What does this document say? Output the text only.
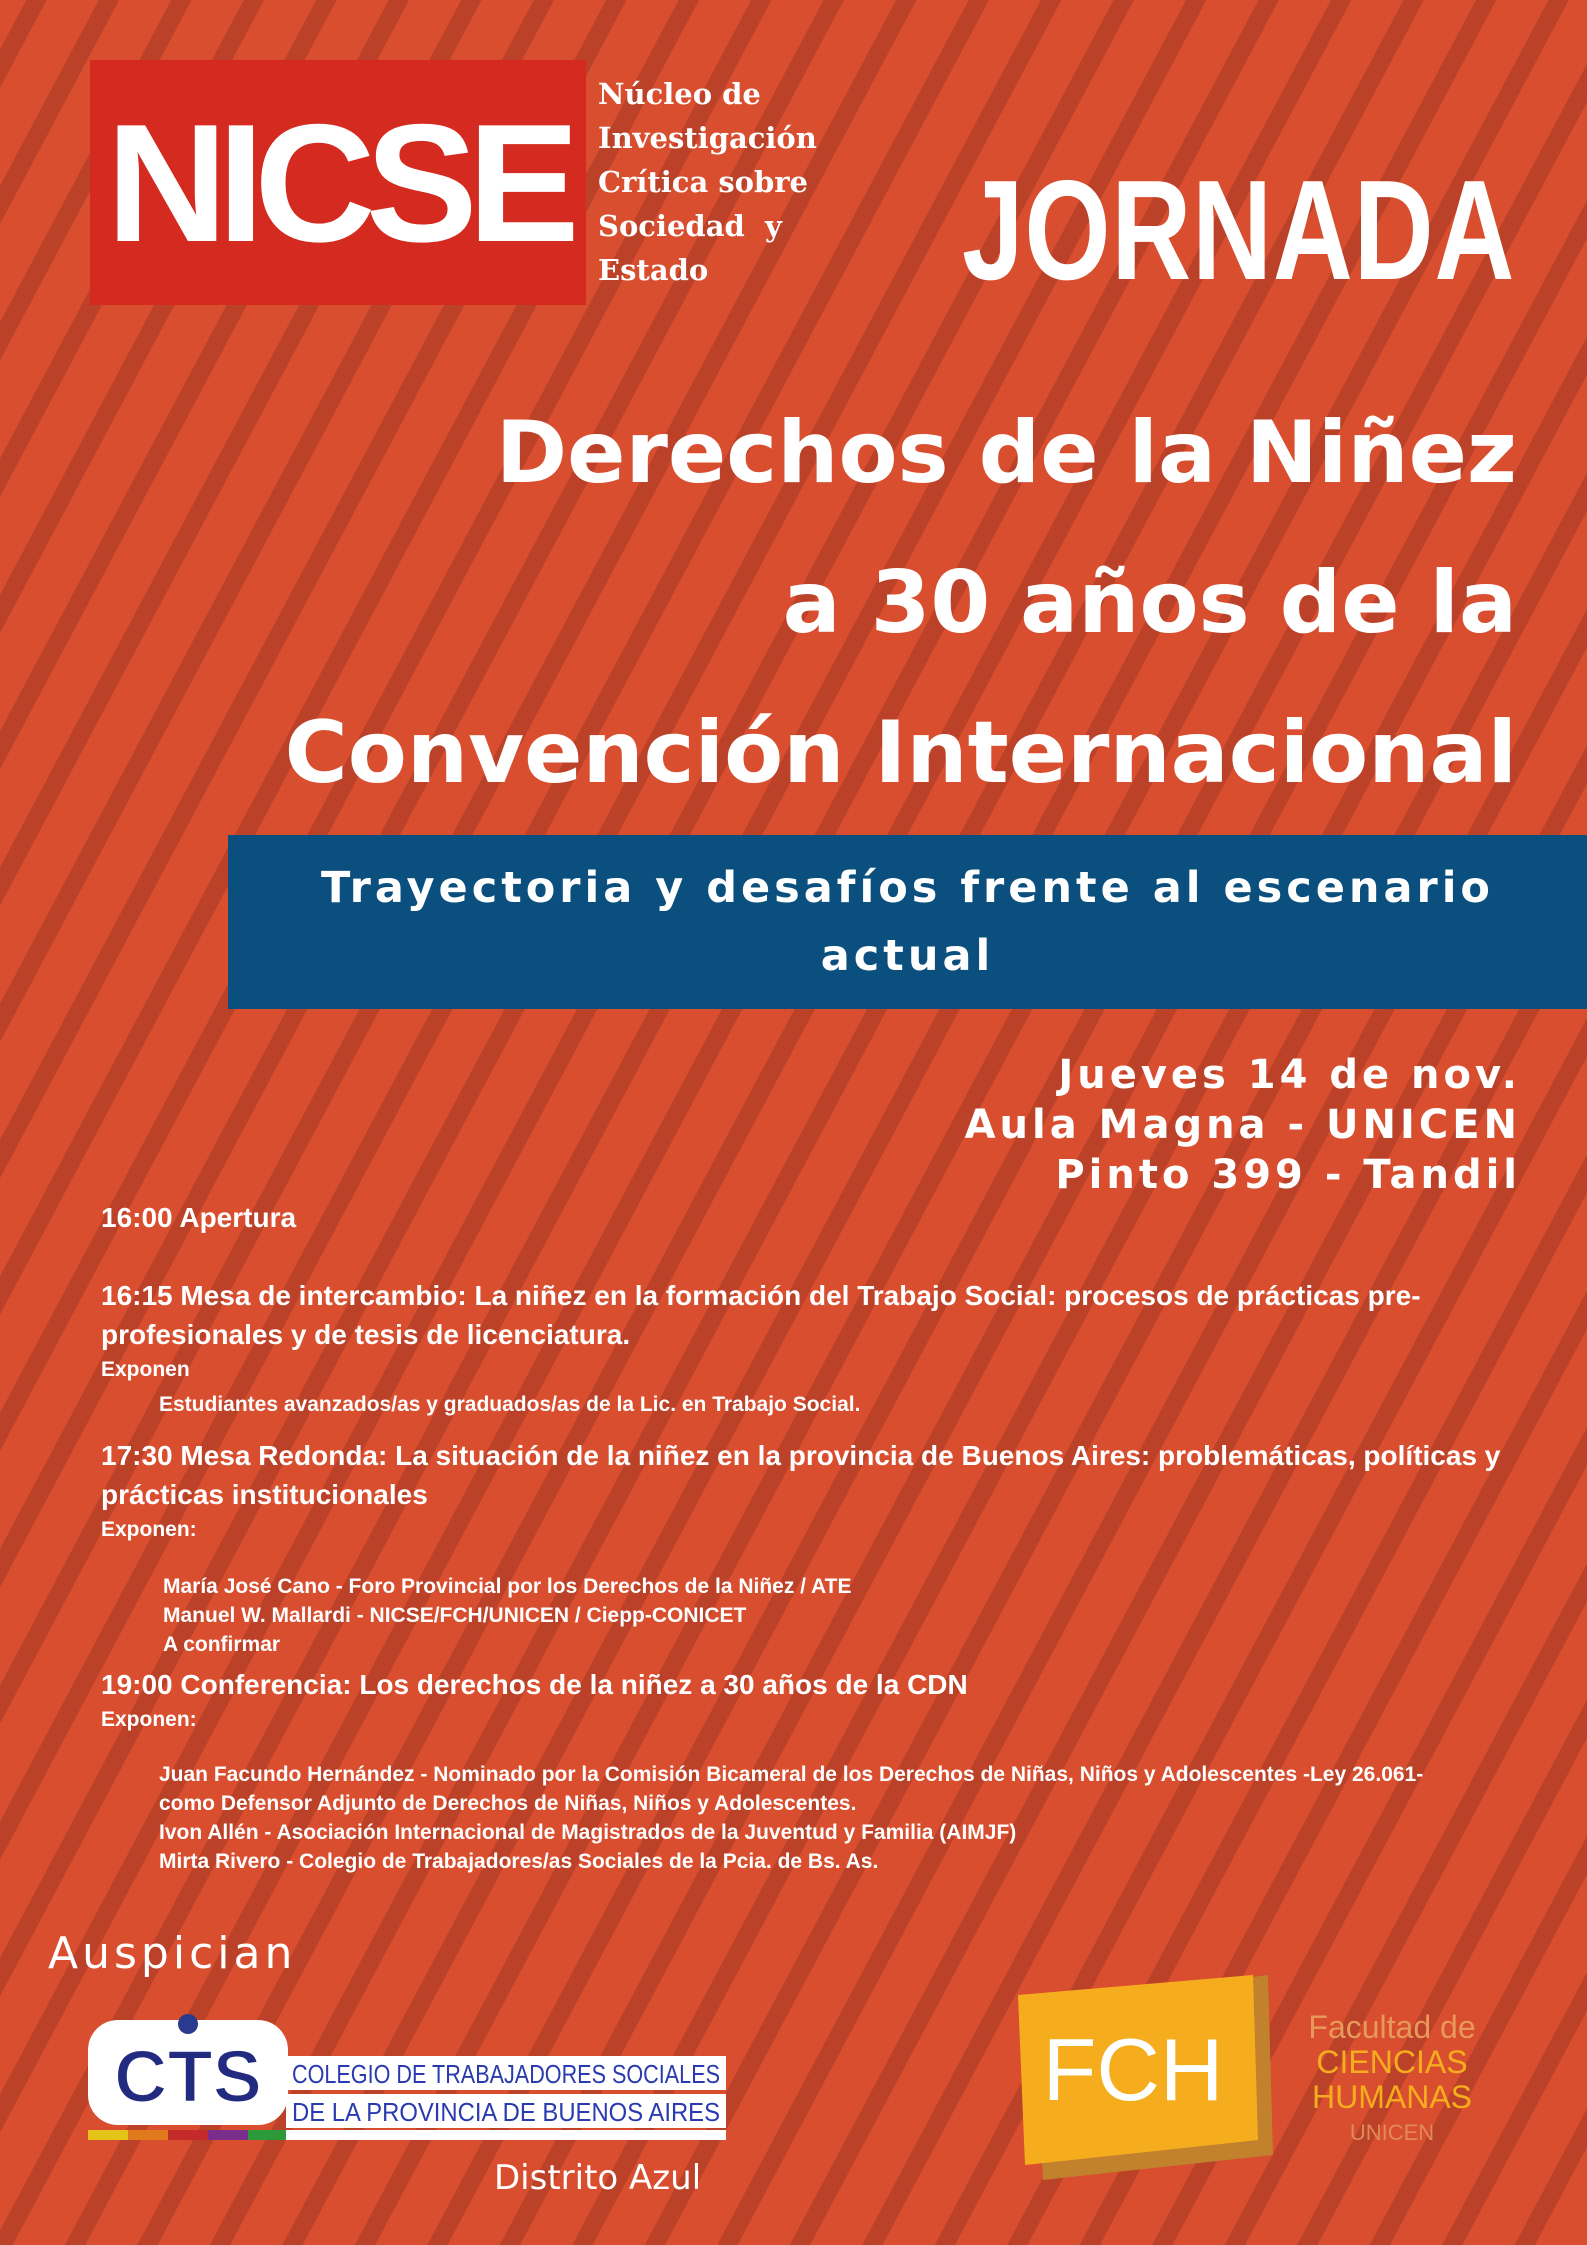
NICSE Núcleo de
Investigación
Crítica sobre
Sociedad  y
Estado	JORNADA
Derechos de la Niñez
a 30 años de la
Convención Internacional
Trayectoria y desafíos frente al escenario actual
Jueves 14 de nov.
Aula Magna - UNICEN
Pinto 399 - Tandil
16:00 Apertura
16:15 Mesa de intercambio: La niñez en la formación del Trabajo Social: procesos de prácticas pre-profesionales y de tesis de licenciatura.
Exponen
Estudiantes avanzados/as y graduados/as de la Lic. en Trabajo Social.
17:30 Mesa Redonda: La situación de la niñez en la provincia de Buenos Aires: problemáticas, políticas y prácticas institucionales
Exponen:
María José Cano - Foro Provincial por los Derechos de la Niñez / ATE
Manuel W. Mallardi - NICSE/FCH/UNICEN / Ciepp-CONICET
A confirmar
19:00 Conferencia: Los derechos de la niñez a 30 años de la CDN
Exponen:
Juan Facundo Hernández - Nominado por la Comisión Bicameral de los Derechos de Niñas, Niños y Adolescentes -Ley 26.061-
como Defensor Adjunto de Derechos de Niñas, Niños y Adolescentes.
Ivon Allén - Asociación Internacional de Magistrados de la Juventud y Familia (AIMJF)
Mirta Rivero - Colegio de Trabajadores/as Sociales de la Pcia. de Bs. As.
Auspician
CTS COLEGIO DE TRABAJADORES SOCIALES
DE LA PROVINCIA DE BUENOS AIRES
Distrito Azul
FCH	Facultad de
CIENCIAS
HUMANAS
UNICEN
